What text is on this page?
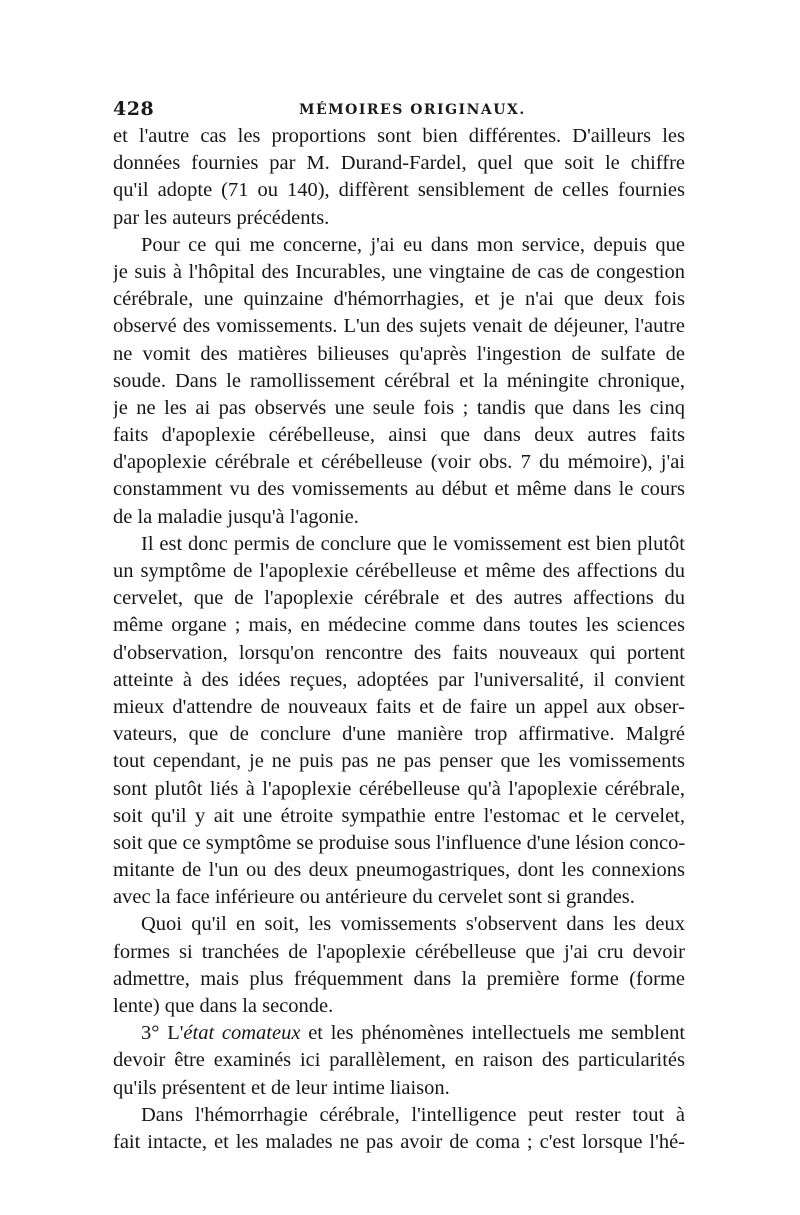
428	MÉMOIRES ORIGINAUX.
et l'autre cas les proportions sont bien différentes. D'ailleurs les
données fournies par M. Durand-Fardel, quel que soit le chiffre
qu'il adopte (71 ou 140), diffèrent sensiblement de celles fournies
par les auteurs précédents.
Pour ce qui me concerne, j'ai eu dans mon service, depuis que
je suis à l'hôpital des Incurables, une vingtaine de cas de congestion
cérébrale, une quinzaine d'hémorrhagies, et je n'ai que deux fois
observé des vomissements. L'un des sujets venait de déjeuner, l'autre
ne vomit des matières bilieuses qu'après l'ingestion de sulfate de
soude. Dans le ramollissement cérébral et la méningite chronique,
je ne les ai pas observés une seule fois ; tandis que dans les cinq
faits d'apoplexie cérébelleuse, ainsi que dans deux autres faits
d'apoplexie cérébrale et cérébelleuse (voir obs. 7 du mémoire), j'ai
constamment vu des vomissements au début et même dans le cours
de la maladie jusqu'à l'agonie.
Il est donc permis de conclure que le vomissement est bien plutôt
un symptôme de l'apoplexie cérébelleuse et même des affections du
cervelet, que de l'apoplexie cérébrale et des autres affections du
même organe ; mais, en médecine comme dans toutes les sciences
d'observation, lorsqu'on rencontre des faits nouveaux qui portent
atteinte à des idées reçues, adoptées par l'universalité, il convient
mieux d'attendre de nouveaux faits et de faire un appel aux obser-
vateurs, que de conclure d'une manière trop affirmative. Malgré
tout cependant, je ne puis pas ne pas penser que les vomissements
sont plutôt liés à l'apoplexie cérébelleuse qu'à l'apoplexie cérébrale,
soit qu'il y ait une étroite sympathie entre l'estomac et le cervelet,
soit que ce symptôme se produise sous l'influence d'une lésion conco-
mitante de l'un ou des deux pneumogastriques, dont les connexions
avec la face inférieure ou antérieure du cervelet sont si grandes.
Quoi qu'il en soit, les vomissements s'observent dans les deux
formes si tranchées de l'apoplexie cérébelleuse que j'ai cru devoir
admettre, mais plus fréquemment dans la première forme (forme
lente) que dans la seconde.
3° L'état comateux et les phénomènes intellectuels me semblent
devoir être examinés ici parallèlement, en raison des particularités
qu'ils présentent et de leur intime liaison.
Dans l'hémorrhagie cérébrale, l'intelligence peut rester tout à
fait intacte, et les malades ne pas avoir de coma ; c'est lorsque l'hé-
